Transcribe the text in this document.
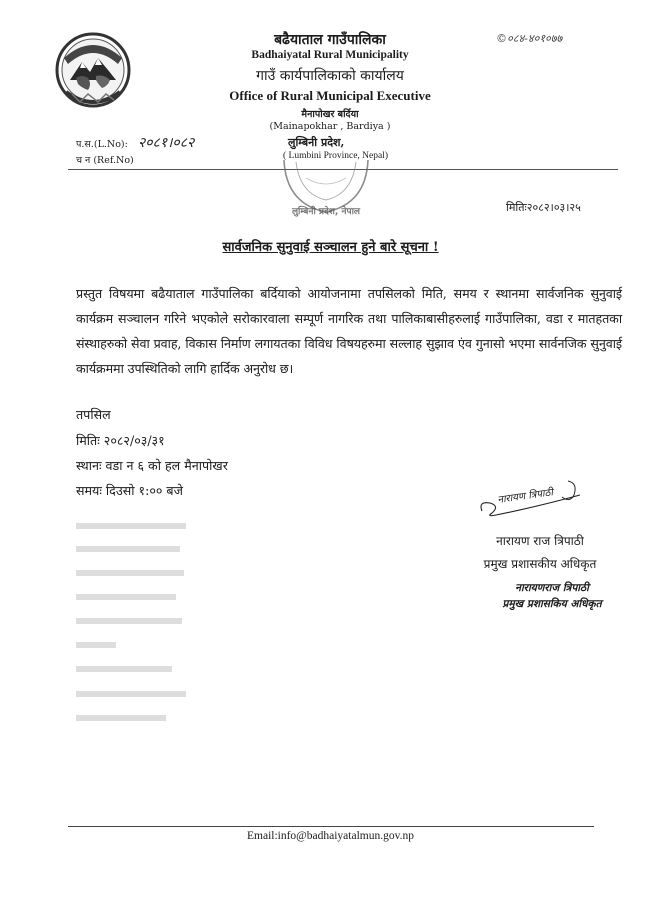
बढैयाताल गाउँपालिका
Badhaiyatal Rural Municipality
गाउँ कार्यपालिकाको कार्यालय
Office of Rural Municipal Executive
मैनापोखर बर्दिया
(Mainapokhar , Bardiya )
©०८४-४०१०७७
प.स.(L.No): २०८१।०८२
च न (Ref.No)
लुम्बिनी प्रदेश,
( Lumbini Province, Nepal)
लुम्बिनी प्रदेश, नेपाल	मितिः२०८२।०३।२५
सार्वजनिक सुनुवाई सञ्चालन हुने बारे सूचना !
प्रस्तुत विषयमा बढैयाताल गाउँपालिका बर्दियाको आयोजनामा तपसिलको मिति, समय र स्थानमा सार्वजनिक सुनुवाई कार्यक्रम सञ्चालन गरिने भएकोले सरोकारवाला सम्पूर्ण नागरिक तथा पालिकाबासीहरुलाई गाउँपालिका, वडा र मातहतका संस्थाहरुको सेवा प्रवाह, विकास निर्माण लगायतका विविध विषयहरुमा सल्लाह सुझाव एंव गुनासो भएमा सार्वनजिक सुनुवाई कार्यक्रममा उपस्थितिको लागि हार्दिक अनुरोध छ।
तपसिल
मितिः २०८२/०३/३१
स्थानः वडा न ६ को हल मैनापोखर
समयः दिउसो १:०० बजे	नारायण त्रिपाठी
नारायण राज त्रिपाठी
प्रमुख प्रशासकीय अधिकृत
नारायणराज त्रिपाठी
प्रमुख प्रशासकिय अधिकृत
Email:info@badhaiyatalmun.gov.np
